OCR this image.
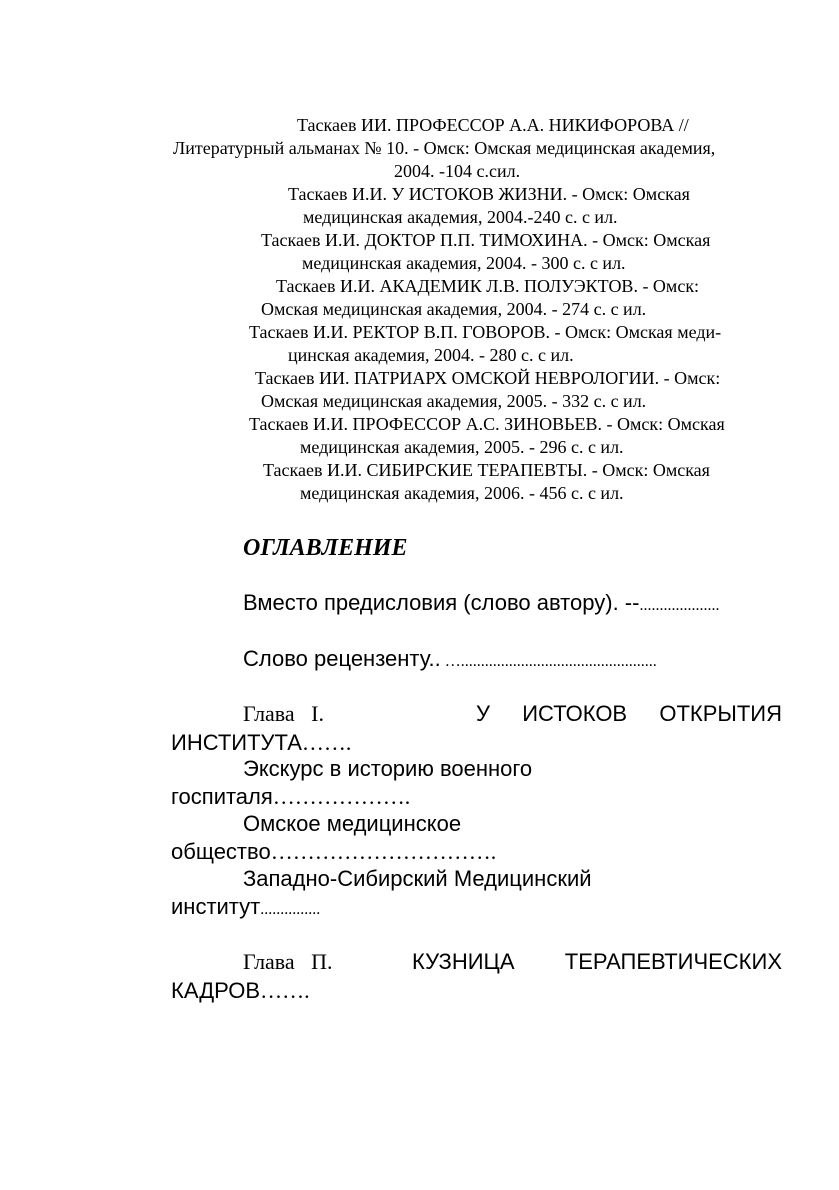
Таскаев ИИ. ПРОФЕССОР А.А. НИКИФОРОВА //
Литературный альманах № 10. - Омск: Омская медицинская академия,
2004. -104 с.сил.
Таскаев И.И. У ИСТОКОВ ЖИЗНИ. - Омск: Омская
медицинская академия, 2004.-240 с. с ил.
Таскаев И.И. ДОКТОР П.П. ТИМОХИНА. - Омск: Омская
медицинская академия, 2004. - 300 с. с ил.
Таскаев И.И. АКАДЕМИК Л.В. ПОЛУЭКТОВ. - Омск:
Омская медицинская академия, 2004. - 274 с. с ил.
Таскаев И.И. РЕКТОР В.П. ГОВОРОВ. - Омск: Омская меди-
цинская академия, 2004. - 280 с. с ил.
Таскаев ИИ. ПАТРИАРХ ОМСКОЙ НЕВРОЛОГИИ. - Омск:
Омская медицинская академия, 2005. - 332 с. с ил.
Таскаев И.И. ПРОФЕССОР А.С. ЗИНОВЬЕВ. - Омск: Омская
медицинская академия, 2005. - 296 с. с ил.
Таскаев И.И. СИБИРСКИЕ ТЕРАПЕВТЫ. - Омск: Омская
медицинская академия, 2006. - 456 с. с ил.
ОГЛАВЛЕНИЕ
Вместо предисловия (слово автору). --....................
Слово рецензенту.. ….................................................
Глава I.	У ИСТОКОВ ОТКРЫТИЯ
ИНСТИТУТА…….
Экскурс в историю военного
госпиталя……………….
Омское медицинское
общество………………………….
Западно-Сибирский Медицинский
институт...............
Глава П.	КУЗНИЦА ТЕРАПЕВТИЧЕСКИХ
КАДРОВ…….
